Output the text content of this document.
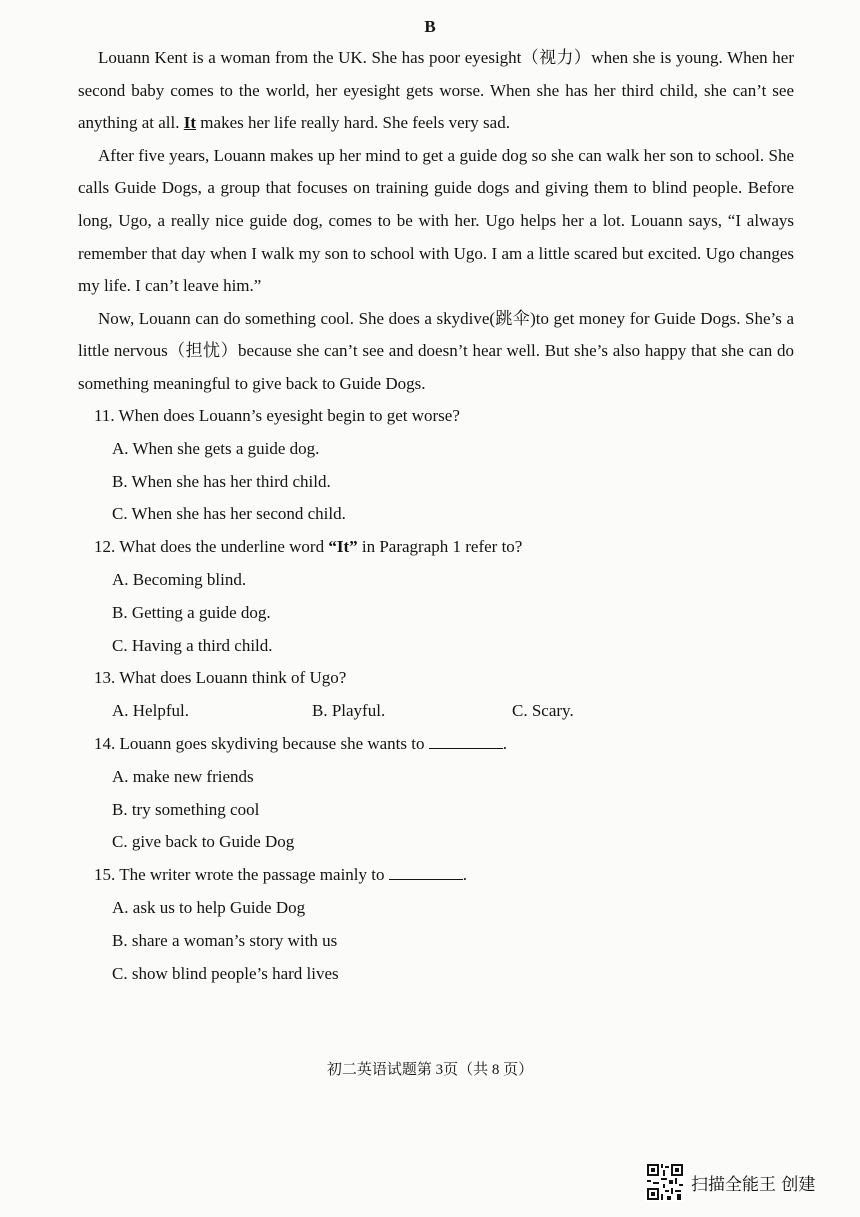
B

Louann Kent is a woman from the UK. She has poor eyesight（视力）when she is young. When her second baby comes to the world, her eyesight gets worse. When she has her third child, she can’t see anything at all. It makes her life really hard. She feels very sad.

After five years, Louann makes up her mind to get a guide dog so she can walk her son to school. She calls Guide Dogs, a group that focuses on training guide dogs and giving them to blind people. Before long, Ugo, a really nice guide dog, comes to be with her. Ugo helps her a lot. Louann says, “I always remember that day when I walk my son to school with Ugo. I am a little scared but excited. Ugo changes my life. I can’t leave him.”

Now, Louann can do something cool. She does a skydive(跳伞)to get money for Guide Dogs. She’s a little nervous（担忧）because she can’t see and doesn’t hear well. But she’s also happy that she can do something meaningful to give back to Guide Dogs.

11. When does Louann’s eyesight begin to get worse?
A. When she gets a guide dog.
B. When she has her third child.
C. When she has her second child.
12. What does the underline word “It” in Paragraph 1 refer to?
A. Becoming blind.
B. Getting a guide dog.
C. Having a third child.
13. What does Louann think of Ugo?
A. Helpful.	B. Playful.	C. Scary.
14. Louann goes skydiving because she wants to	.
A. make new friends
B. try something cool
C. give back to Guide Dog
15. The writer wrote the passage mainly to	.
A. ask us to help Guide Dog
B. share a woman’s story with us
C. show blind people’s hard lives
初二英语试题第 3页（共 8 页）
扫描全能王 创建
